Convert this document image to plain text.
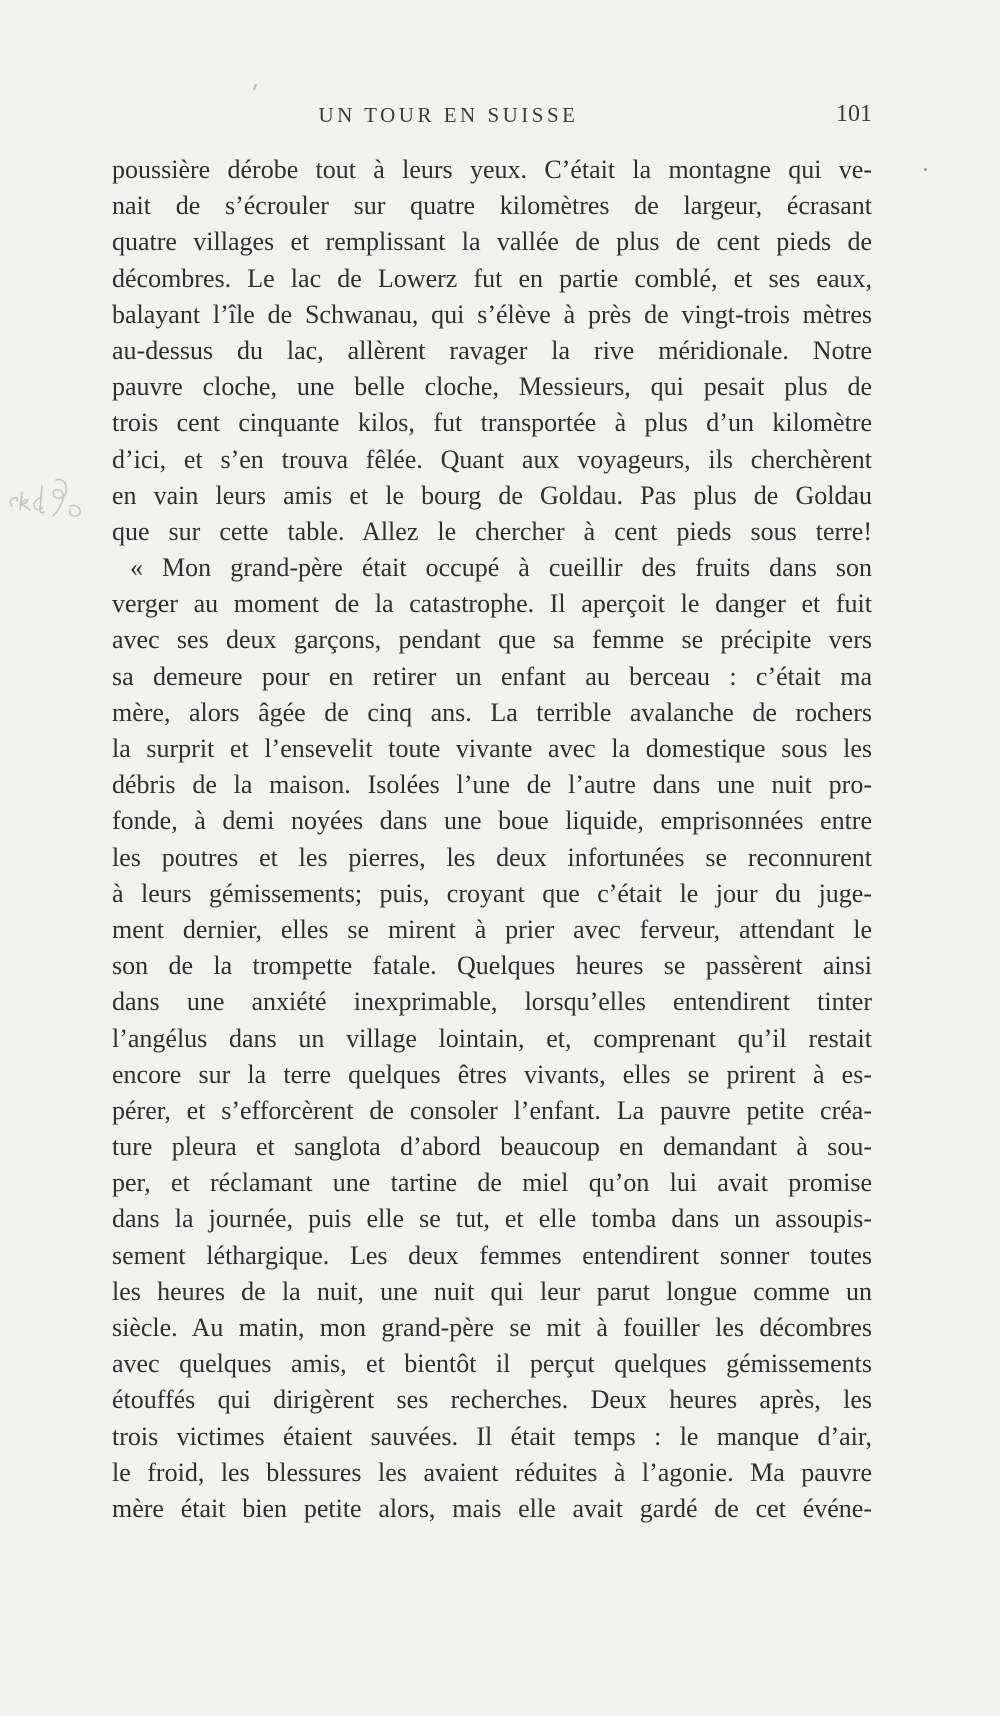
UN TOUR EN SUISSE	101
poussière dérobe tout à leurs yeux. C’était la montagne qui ve-
nait de s’écrouler sur quatre kilomètres de largeur, écrasant
quatre villages et remplissant la vallée de plus de cent pieds de
décombres. Le lac de Lowerz fut en partie comblé, et ses eaux,
balayant l’île de Schwanau, qui s’élève à près de vingt-trois mètres
au-dessus du lac, allèrent ravager la rive méridionale. Notre
pauvre cloche, une belle cloche, Messieurs, qui pesait plus de
trois cent cinquante kilos, fut transportée à plus d’un kilomètre
d’ici, et s’en trouva fêlée. Quant aux voyageurs, ils cherchèrent
en vain leurs amis et le bourg de Goldau. Pas plus de Goldau
que sur cette table. Allez le chercher à cent pieds sous terre!
« Mon grand-père était occupé à cueillir des fruits dans son
verger au moment de la catastrophe. Il aperçoit le danger et fuit
avec ses deux garçons, pendant que sa femme se précipite vers
sa demeure pour en retirer un enfant au berceau : c’était ma
mère, alors âgée de cinq ans. La terrible avalanche de rochers
la surprit et l’ensevelit toute vivante avec la domestique sous les
débris de la maison. Isolées l’une de l’autre dans une nuit pro-
fonde, à demi noyées dans une boue liquide, emprisonnées entre
les poutres et les pierres, les deux infortunées se reconnurent
à leurs gémissements; puis, croyant que c’était le jour du juge-
ment dernier, elles se mirent à prier avec ferveur, attendant le
son de la trompette fatale. Quelques heures se passèrent ainsi
dans une anxiété inexprimable, lorsqu’elles entendirent tinter
l’angélus dans un village lointain, et, comprenant qu’il restait
encore sur la terre quelques êtres vivants, elles se prirent à es-
pérer, et s’efforcèrent de consoler l’enfant. La pauvre petite créa-
ture pleura et sanglota d’abord beaucoup en demandant à sou-
per, et réclamant une tartine de miel qu’on lui avait promise
dans la journée, puis elle se tut, et elle tomba dans un assoupis-
sement léthargique. Les deux femmes entendirent sonner toutes
les heures de la nuit, une nuit qui leur parut longue comme un
siècle. Au matin, mon grand-père se mit à fouiller les décombres
avec quelques amis, et bientôt il perçut quelques gémissements
étouffés qui dirigèrent ses recherches. Deux heures après, les
trois victimes étaient sauvées. Il était temps : le manque d’air,
le froid, les blessures les avaient réduites à l’agonie. Ma pauvre
mère était bien petite alors, mais elle avait gardé de cet événe-
